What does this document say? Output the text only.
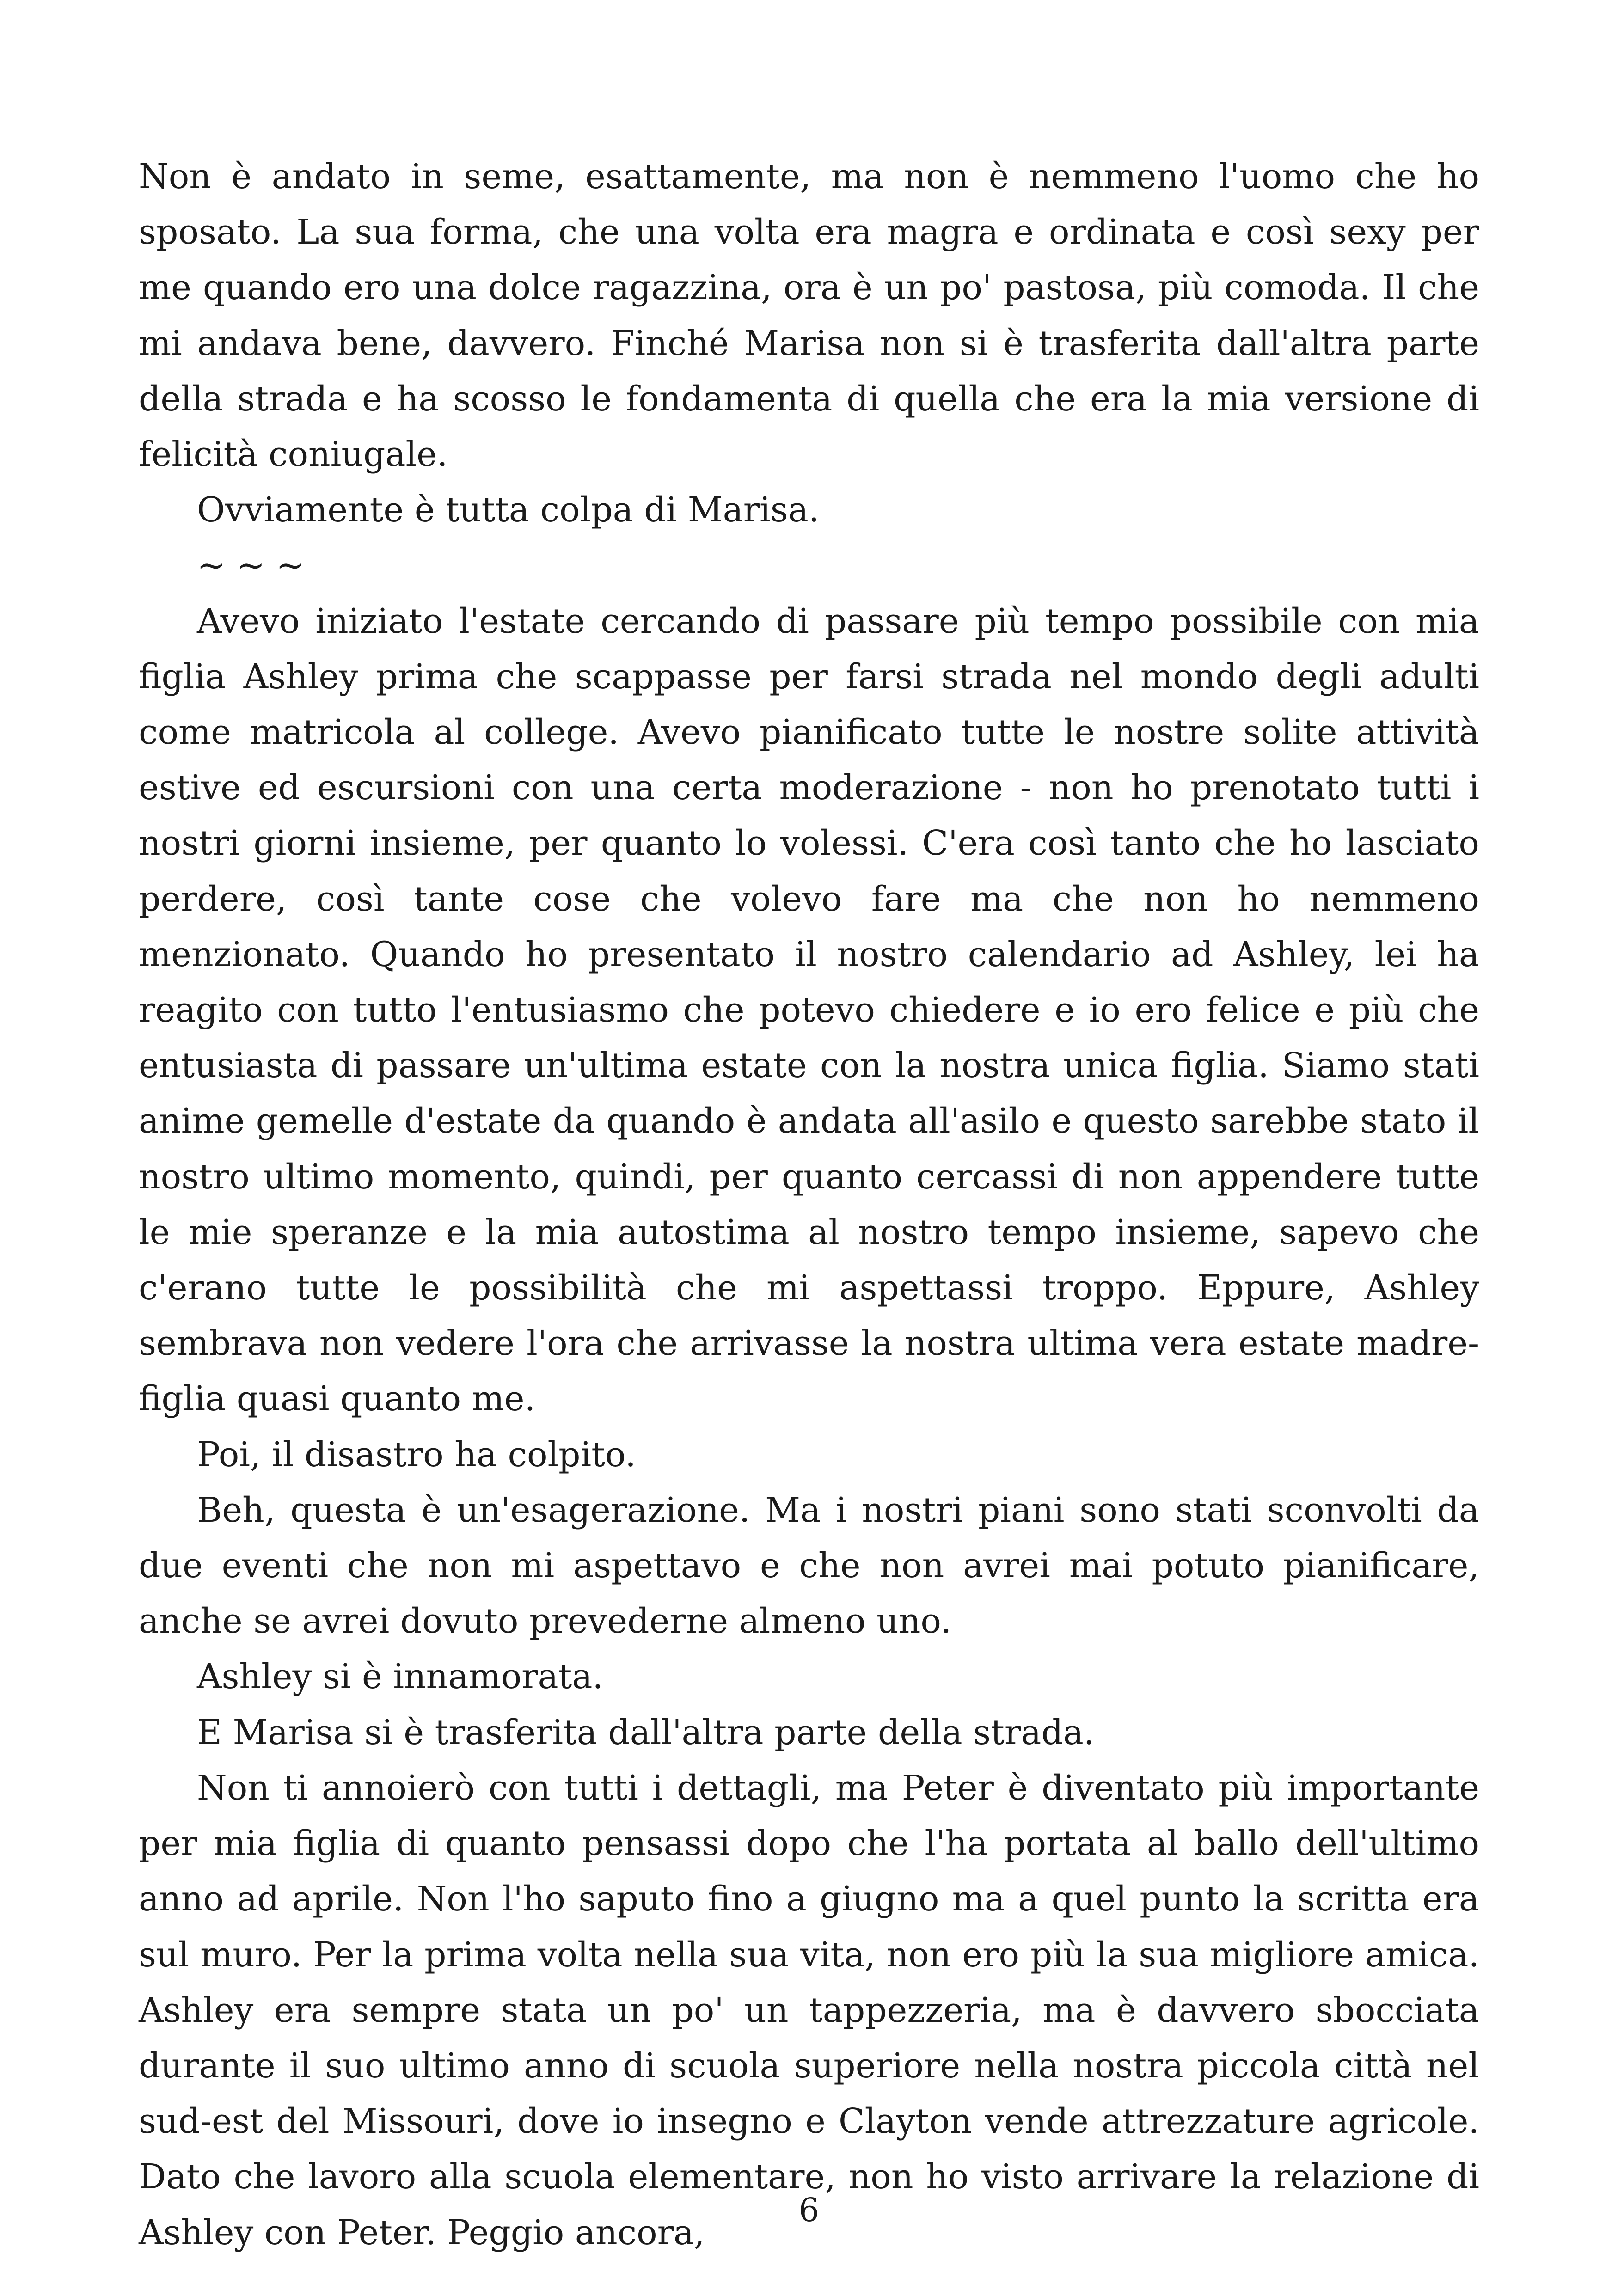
Non è andato in seme, esattamente, ma non è nemmeno l'uomo che ho sposato. La sua forma, che una volta era magra e ordinata e così sexy per me quando ero una dolce ragazzina, ora è un po' pastosa, più comoda. Il che mi andava bene, davvero. Finché Marisa non si è trasferita dall'altra parte della strada e ha scosso le fondamenta di quella che era la mia versione di felicità coniugale.

Ovviamente è tutta colpa di Marisa.

~ ~ ~

Avevo iniziato l'estate cercando di passare più tempo possibile con mia figlia Ashley prima che scappasse per farsi strada nel mondo degli adulti come matricola al college. Avevo pianificato tutte le nostre solite attività estive ed escursioni con una certa moderazione - non ho prenotato tutti i nostri giorni insieme, per quanto lo volessi. C'era così tanto che ho lasciato perdere, così tante cose che volevo fare ma che non ho nemmeno menzionato. Quando ho presentato il nostro calendario ad Ashley, lei ha reagito con tutto l'entusiasmo che potevo chiedere e io ero felice e più che entusiasta di passare un'ultima estate con la nostra unica figlia. Siamo stati anime gemelle d'estate da quando è andata all'asilo e questo sarebbe stato il nostro ultimo momento, quindi, per quanto cercassi di non appendere tutte le mie speranze e la mia autostima al nostro tempo insieme, sapevo che c'erano tutte le possibilità che mi aspettassi troppo. Eppure, Ashley sembrava non vedere l'ora che arrivasse la nostra ultima vera estate madre-figlia quasi quanto me.

Poi, il disastro ha colpito.

Beh, questa è un'esagerazione. Ma i nostri piani sono stati sconvolti da due eventi che non mi aspettavo e che non avrei mai potuto pianificare, anche se avrei dovuto prevederne almeno uno.

Ashley si è innamorata.

E Marisa si è trasferita dall'altra parte della strada.

Non ti annoierò con tutti i dettagli, ma Peter è diventato più importante per mia figlia di quanto pensassi dopo che l'ha portata al ballo dell'ultimo anno ad aprile. Non l'ho saputo fino a giugno ma a quel punto la scritta era sul muro. Per la prima volta nella sua vita, non ero più la sua migliore amica. Ashley era sempre stata un po' un tappezzeria, ma è davvero sbocciata durante il suo ultimo anno di scuola superiore nella nostra piccola città nel sud-est del Missouri, dove io insegno e Clayton vende attrezzature agricole. Dato che lavoro alla scuola elementare, non ho visto arrivare la relazione di Ashley con Peter. Peggio ancora,

6
